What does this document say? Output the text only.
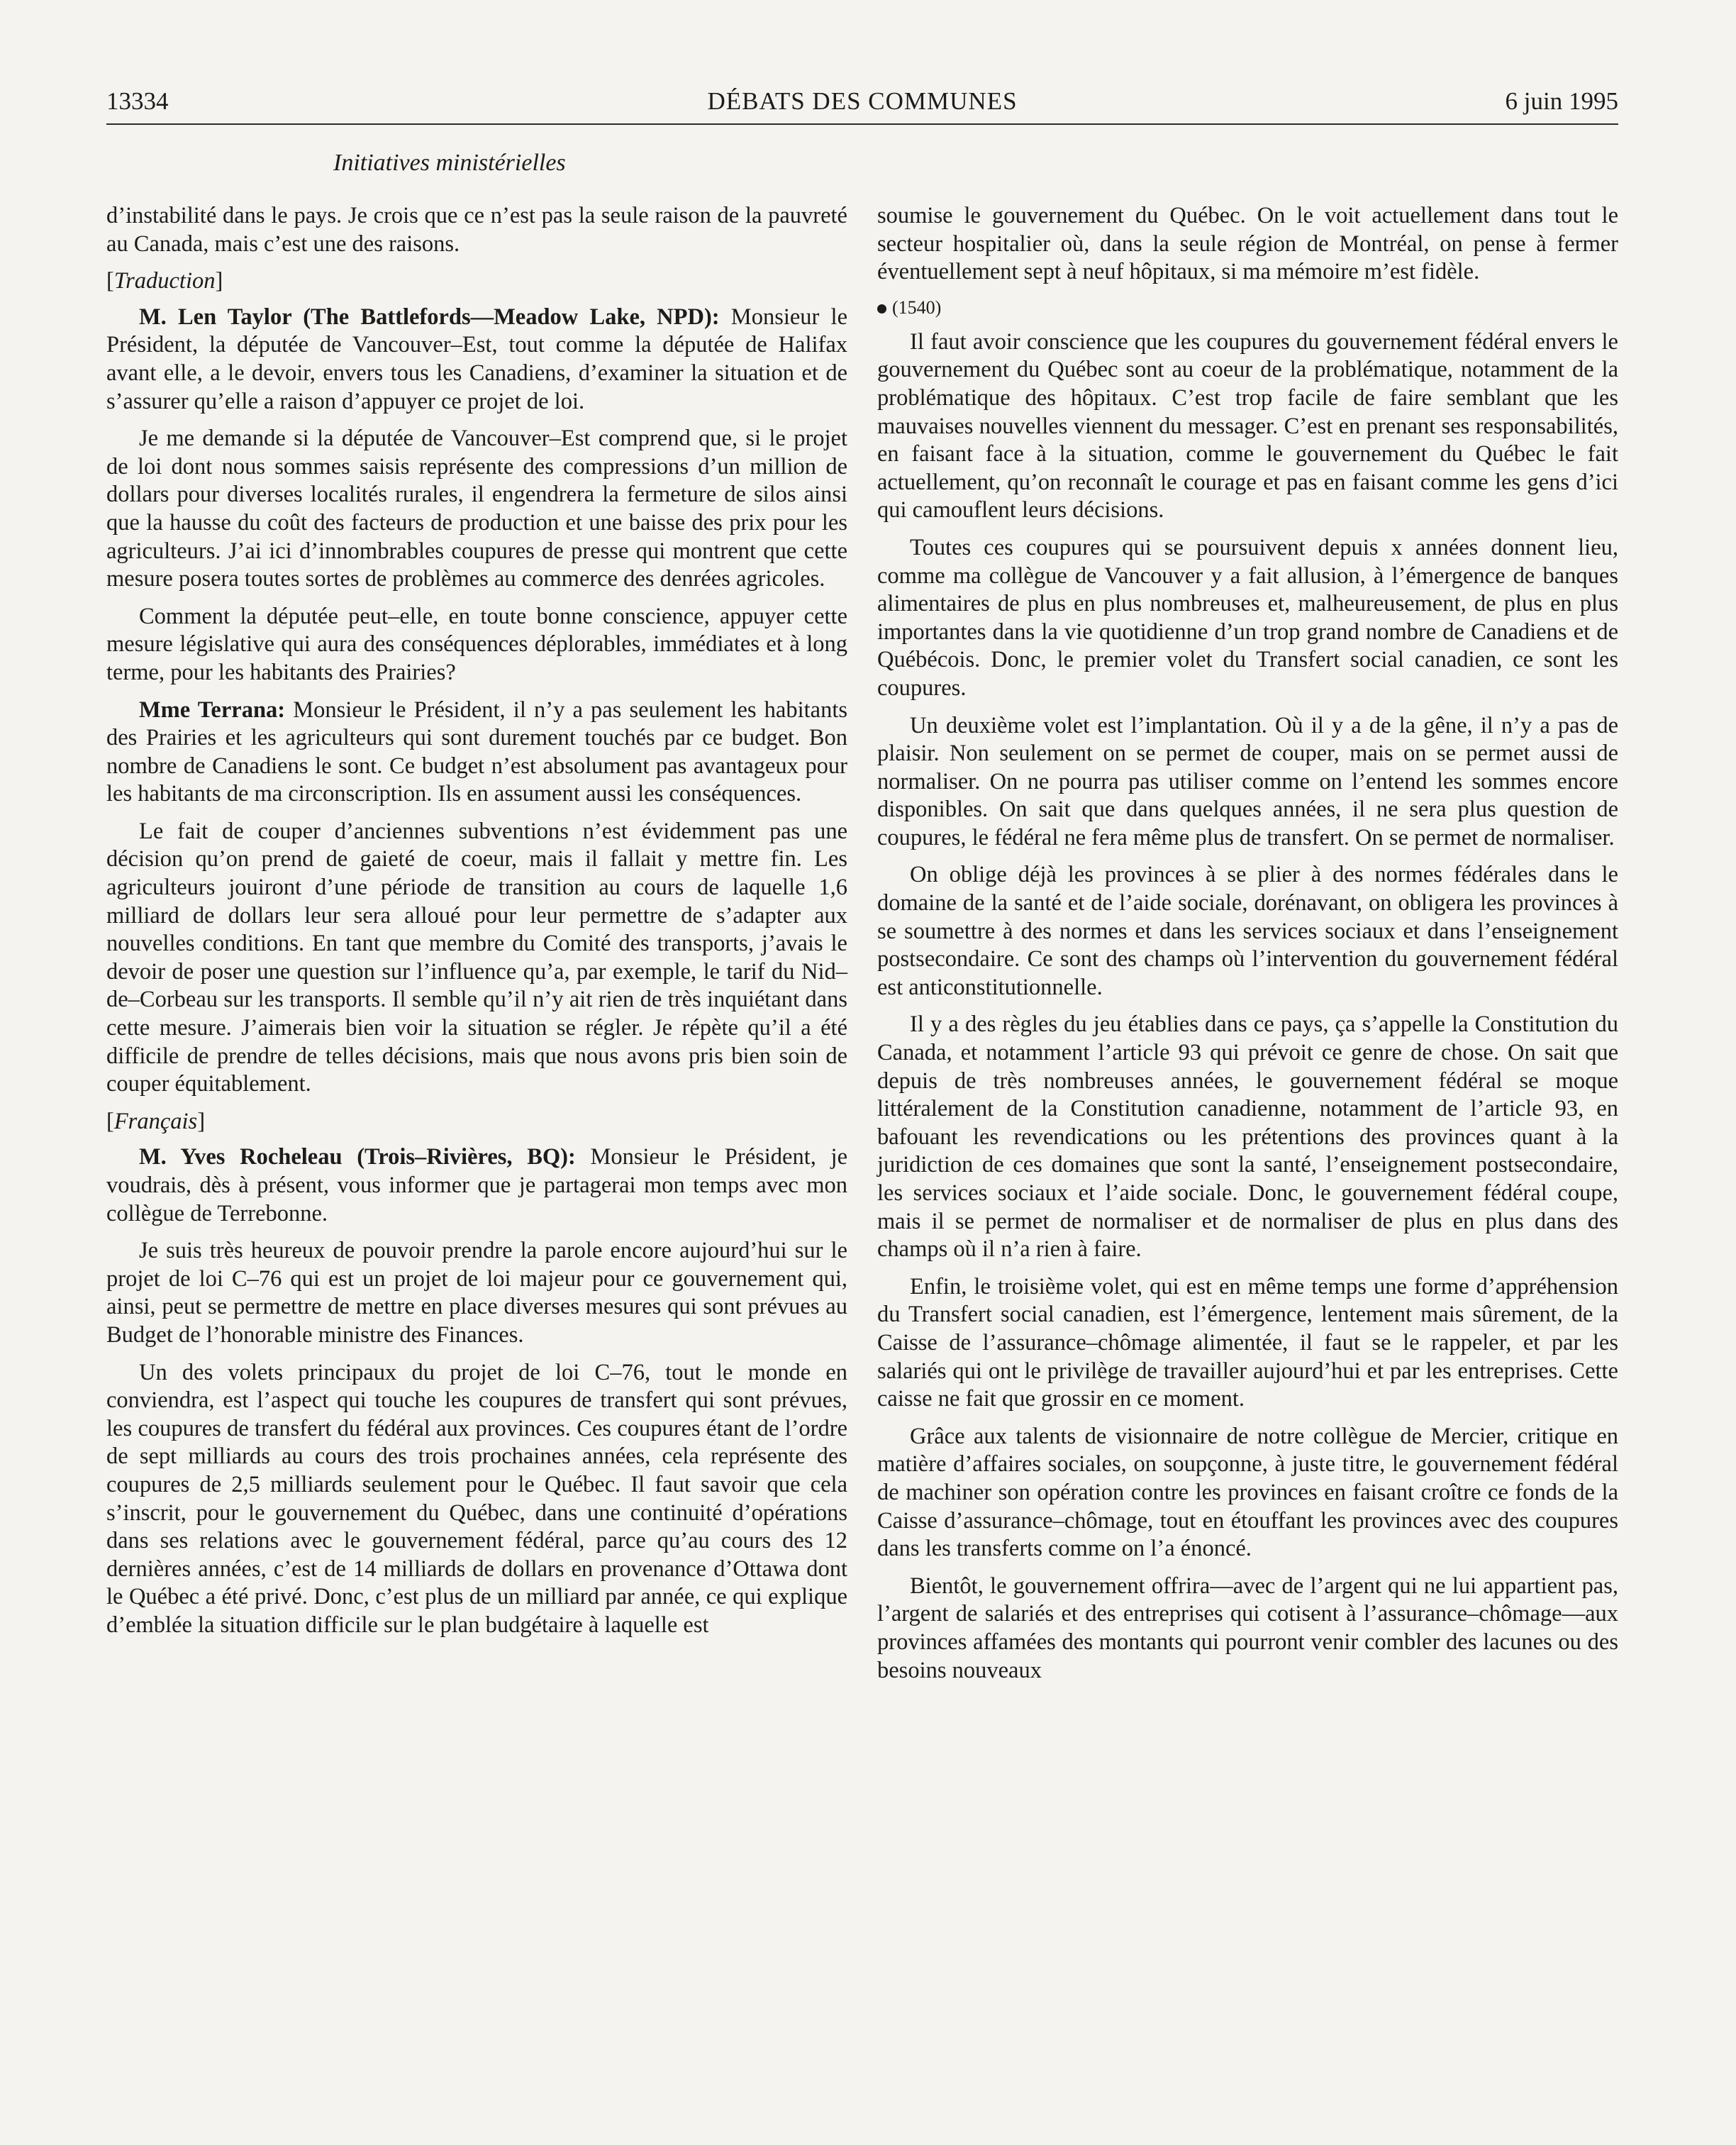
13334	DÉBATS DES COMMUNES	6 juin 1995
Initiatives ministérielles

d’instabilité dans le pays. Je crois que ce n’est pas la seule raison de la pauvreté au Canada, mais c’est une des raisons.

[Traduction]

M. Len Taylor (The Battlefords—Meadow Lake, NPD): Monsieur le Président, la députée de Vancouver–Est, tout comme la députée de Halifax avant elle, a le devoir, envers tous les Canadiens, d’examiner la situation et de s’assurer qu’elle a raison d’appuyer ce projet de loi.

Je me demande si la députée de Vancouver–Est comprend que, si le projet de loi dont nous sommes saisis représente des compressions d’un million de dollars pour diverses localités rurales, il engendrera la fermeture de silos ainsi que la hausse du coût des facteurs de production et une baisse des prix pour les agriculteurs. J’ai ici d’innombrables coupures de presse qui montrent que cette mesure posera toutes sortes de problèmes au commerce des denrées agricoles.

Comment la députée peut–elle, en toute bonne conscience, appuyer cette mesure législative qui aura des conséquences déplorables, immédiates et à long terme, pour les habitants des Prairies?

Mme Terrana: Monsieur le Président, il n’y a pas seulement les habitants des Prairies et les agriculteurs qui sont durement touchés par ce budget. Bon nombre de Canadiens le sont. Ce budget n’est absolument pas avantageux pour les habitants de ma circonscription. Ils en assument aussi les conséquences.

Le fait de couper d’anciennes subventions n’est évidemment pas une décision qu’on prend de gaieté de coeur, mais il fallait y mettre fin. Les agriculteurs jouiront d’une période de transition au cours de laquelle 1,6 milliard de dollars leur sera alloué pour leur permettre de s’adapter aux nouvelles conditions. En tant que membre du Comité des transports, j’avais le devoir de poser une question sur l’influence qu’a, par exemple, le tarif du Nid–de–Corbeau sur les transports. Il semble qu’il n’y ait rien de très inquiétant dans cette mesure. J’aimerais bien voir la situation se régler. Je répète qu’il a été difficile de prendre de telles décisions, mais que nous avons pris bien soin de couper équitablement.

[Français]

M. Yves Rocheleau (Trois–Rivières, BQ): Monsieur le Président, je voudrais, dès à présent, vous informer que je partagerai mon temps avec mon collègue de Terrebonne.

Je suis très heureux de pouvoir prendre la parole encore aujourd’hui sur le projet de loi C–76 qui est un projet de loi majeur pour ce gouvernement qui, ainsi, peut se permettre de mettre en place diverses mesures qui sont prévues au Budget de l’honorable ministre des Finances.

Un des volets principaux du projet de loi C–76, tout le monde en conviendra, est l’aspect qui touche les coupures de transfert qui sont prévues, les coupures de transfert du fédéral aux provinces. Ces coupures étant de l’ordre de sept milliards au cours des trois prochaines années, cela représente des coupures de 2,5 milliards seulement pour le Québec. Il faut savoir que cela s’inscrit, pour le gouvernement du Québec, dans une continuité d’opérations dans ses relations avec le gouvernement fédéral, parce qu’au cours des 12 dernières années, c’est de 14 milliards de dollars en provenance d’Ottawa dont le Québec a été privé. Donc, c’est plus de un milliard par année, ce qui explique d’emblée la situation difficile sur le plan budgétaire à laquelle est

soumise le gouvernement du Québec. On le voit actuellement dans tout le secteur hospitalier où, dans la seule région de Montréal, on pense à fermer éventuellement sept à neuf hôpitaux, si ma mémoire m’est fidèle.

(1540)

Il faut avoir conscience que les coupures du gouvernement fédéral envers le gouvernement du Québec sont au coeur de la problématique, notamment de la problématique des hôpitaux. C’est trop facile de faire semblant que les mauvaises nouvelles viennent du messager. C’est en prenant ses responsabilités, en faisant face à la situation, comme le gouvernement du Québec le fait actuellement, qu’on reconnaît le courage et pas en faisant comme les gens d’ici qui camouflent leurs décisions.

Toutes ces coupures qui se poursuivent depuis x années donnent lieu, comme ma collègue de Vancouver y a fait allusion, à l’émergence de banques alimentaires de plus en plus nombreuses et, malheureusement, de plus en plus importantes dans la vie quotidienne d’un trop grand nombre de Canadiens et de Québécois. Donc, le premier volet du Transfert social canadien, ce sont les coupures.

Un deuxième volet est l’implantation. Où il y a de la gêne, il n’y a pas de plaisir. Non seulement on se permet de couper, mais on se permet aussi de normaliser. On ne pourra pas utiliser comme on l’entend les sommes encore disponibles. On sait que dans quelques années, il ne sera plus question de coupures, le fédéral ne fera même plus de transfert. On se permet de normaliser.

On oblige déjà les provinces à se plier à des normes fédérales dans le domaine de la santé et de l’aide sociale, dorénavant, on obligera les provinces à se soumettre à des normes et dans les services sociaux et dans l’enseignement postsecondaire. Ce sont des champs où l’intervention du gouvernement fédéral est anticonstitutionnelle.

Il y a des règles du jeu établies dans ce pays, ça s’appelle la Constitution du Canada, et notamment l’article 93 qui prévoit ce genre de chose. On sait que depuis de très nombreuses années, le gouvernement fédéral se moque littéralement de la Constitution canadienne, notamment de l’article 93, en bafouant les revendications ou les prétentions des provinces quant à la juridiction de ces domaines que sont la santé, l’enseignement postsecondaire, les services sociaux et l’aide sociale. Donc, le gouvernement fédéral coupe, mais il se permet de normaliser et de normaliser de plus en plus dans des champs où il n’a rien à faire.

Enfin, le troisième volet, qui est en même temps une forme d’appréhension du Transfert social canadien, est l’émergence, lentement mais sûrement, de la Caisse de l’assurance–chômage alimentée, il faut se le rappeler, et par les salariés qui ont le privilège de travailler aujourd’hui et par les entreprises. Cette caisse ne fait que grossir en ce moment.

Grâce aux talents de visionnaire de notre collègue de Mercier, critique en matière d’affaires sociales, on soupçonne, à juste titre, le gouvernement fédéral de machiner son opération contre les provinces en faisant croître ce fonds de la Caisse d’assurance–chômage, tout en étouffant les provinces avec des coupures dans les transferts comme on l’a énoncé.

Bientôt, le gouvernement offrira—avec de l’argent qui ne lui appartient pas, l’argent de salariés et des entreprises qui cotisent à l’assurance–chômage—aux provinces affamées des montants qui pourront venir combler des lacunes ou des besoins nouveaux
